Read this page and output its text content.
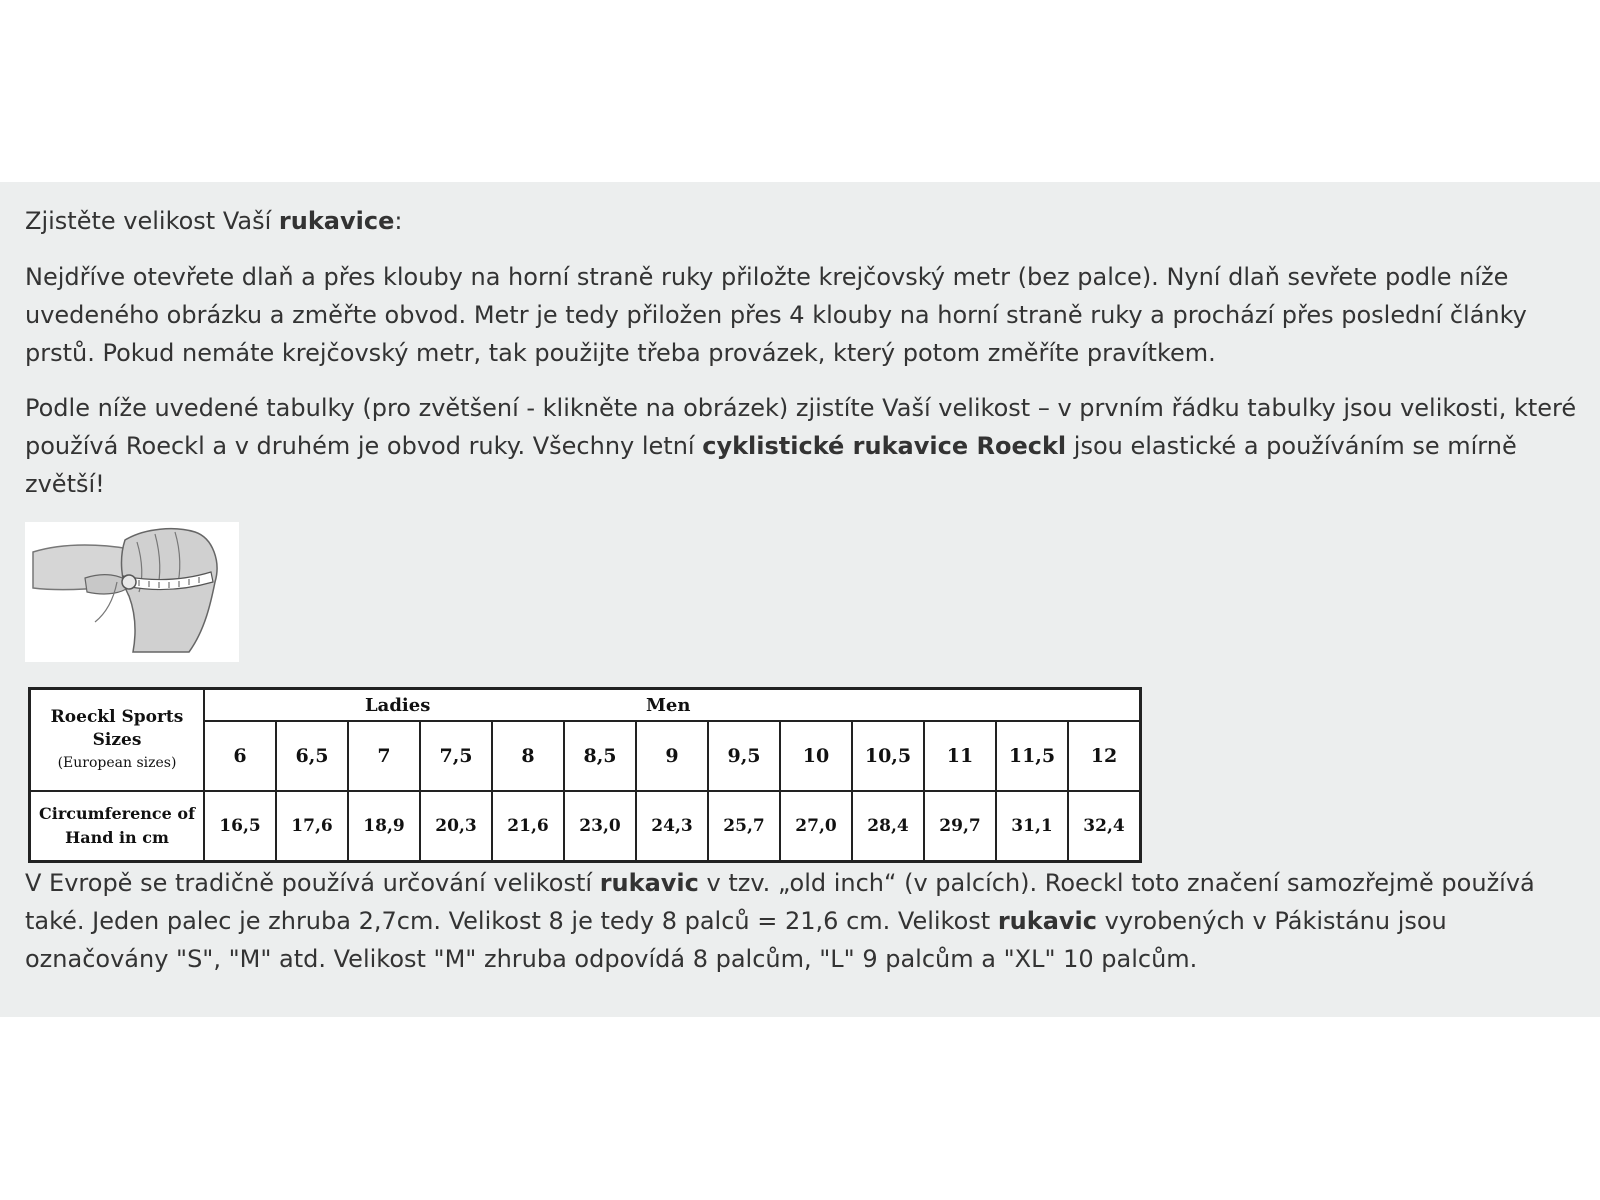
Zjistěte velikost Vaší rukavice:

Nejdříve otevřete dlaň a přes klouby na horní straně ruky přiložte krejčovský metr (bez palce). Nyní dlaň sevřete podle níže uvedeného obrázku a změřte obvod. Metr je tedy přiložen přes 4 klouby na horní straně ruky a prochází přes poslední články prstů. Pokud nemáte krejčovský metr, tak použijte třeba provázek, který potom změříte pravítkem.

Podle níže uvedené tabulky (pro zvětšení - klikněte na obrázek) zjistíte Vaší velikost – v prvním řádku tabulky jsou velikosti, které používá Roeckl a v druhém je obvod ruky. Všechny letní cyklistické rukavice Roeckl jsou elastické a používáním se mírně zvětší!

Roeckl Sports Sizes
(European sizes)	Ladies				Men								
	6	6,5	7	7,5	8	8,5	9	9,5	10	10,5	11	11,5	12
Circumference of Hand in cm	16,5	17,6	18,9	20,3	21,6	23,0	24,3	25,7	27,0	28,4	29,7	31,1	32,4

V Evropě se tradičně používá určování velikostí rukavic v tzv. „old inch“ (v palcích). Roeckl toto značení samozřejmě používá také. Jeden palec je zhruba 2,7cm. Velikost 8 je tedy 8 palců = 21,6 cm. Velikost rukavic vyrobených v Pákistánu jsou označovány "S", "M" atd. Velikost "M" zhruba odpovídá 8 palcům, "L" 9 palcům a "XL" 10 palcům.
